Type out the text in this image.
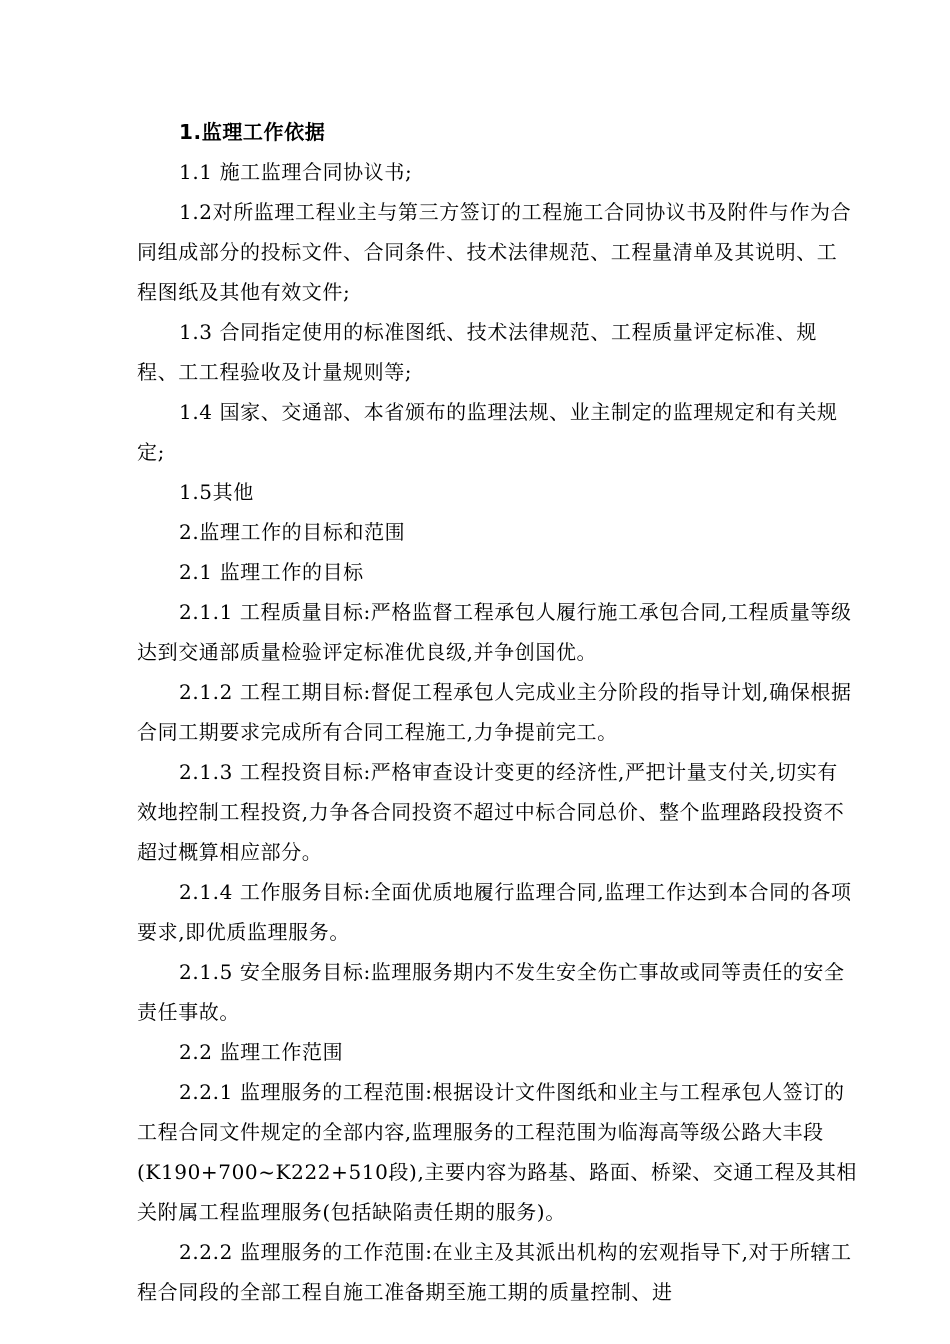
1.监理工作依据

1.1 施工监理合同协议书;

1.2对所监理工程业主与第三方签订的工程施工合同协议书及附件与作为合同组成部分的投标文件、合同条件、技术法律规范、工程量清单及其说明、工程图纸及其他有效文件;

1.3 合同指定使用的标准图纸、技术法律规范、工程质量评定标准、规程、工工程验收及计量规则等;

1.4 国家、交通部、本省颁布的监理法规、业主制定的监理规定和有关规定;

1.5其他

2.监理工作的目标和范围

2.1 监理工作的目标

2.1.1 工程质量目标:严格监督工程承包人履行施工承包合同,工程质量等级达到交通部质量检验评定标准优良级,并争创国优。

2.1.2 工程工期目标:督促工程承包人完成业主分阶段的指导计划,确保根据合同工期要求完成所有合同工程施工,力争提前完工。

2.1.3 工程投资目标:严格审查设计变更的经济性,严把计量支付关,切实有效地控制工程投资,力争各合同投资不超过中标合同总价、整个监理路段投资不超过概算相应部分。

2.1.4 工作服务目标:全面优质地履行监理合同,监理工作达到本合同的各项要求,即优质监理服务。

2.1.5 安全服务目标:监理服务期内不发生安全伤亡事故或同等责任的安全责任事故。

2.2 监理工作范围

2.2.1 监理服务的工程范围:根据设计文件图纸和业主与工程承包人签订的工程合同文件规定的全部内容,监理服务的工程范围为临海高等级公路大丰段(K190+700~K222+510段),主要内容为路基、路面、桥梁、交通工程及其相关附属工程监理服务(包括缺陷责任期的服务)。

2.2.2 监理服务的工作范围:在业主及其派出机构的宏观指导下,对于所辖工程合同段的全部工程自施工准备期至施工期的质量控制、进
